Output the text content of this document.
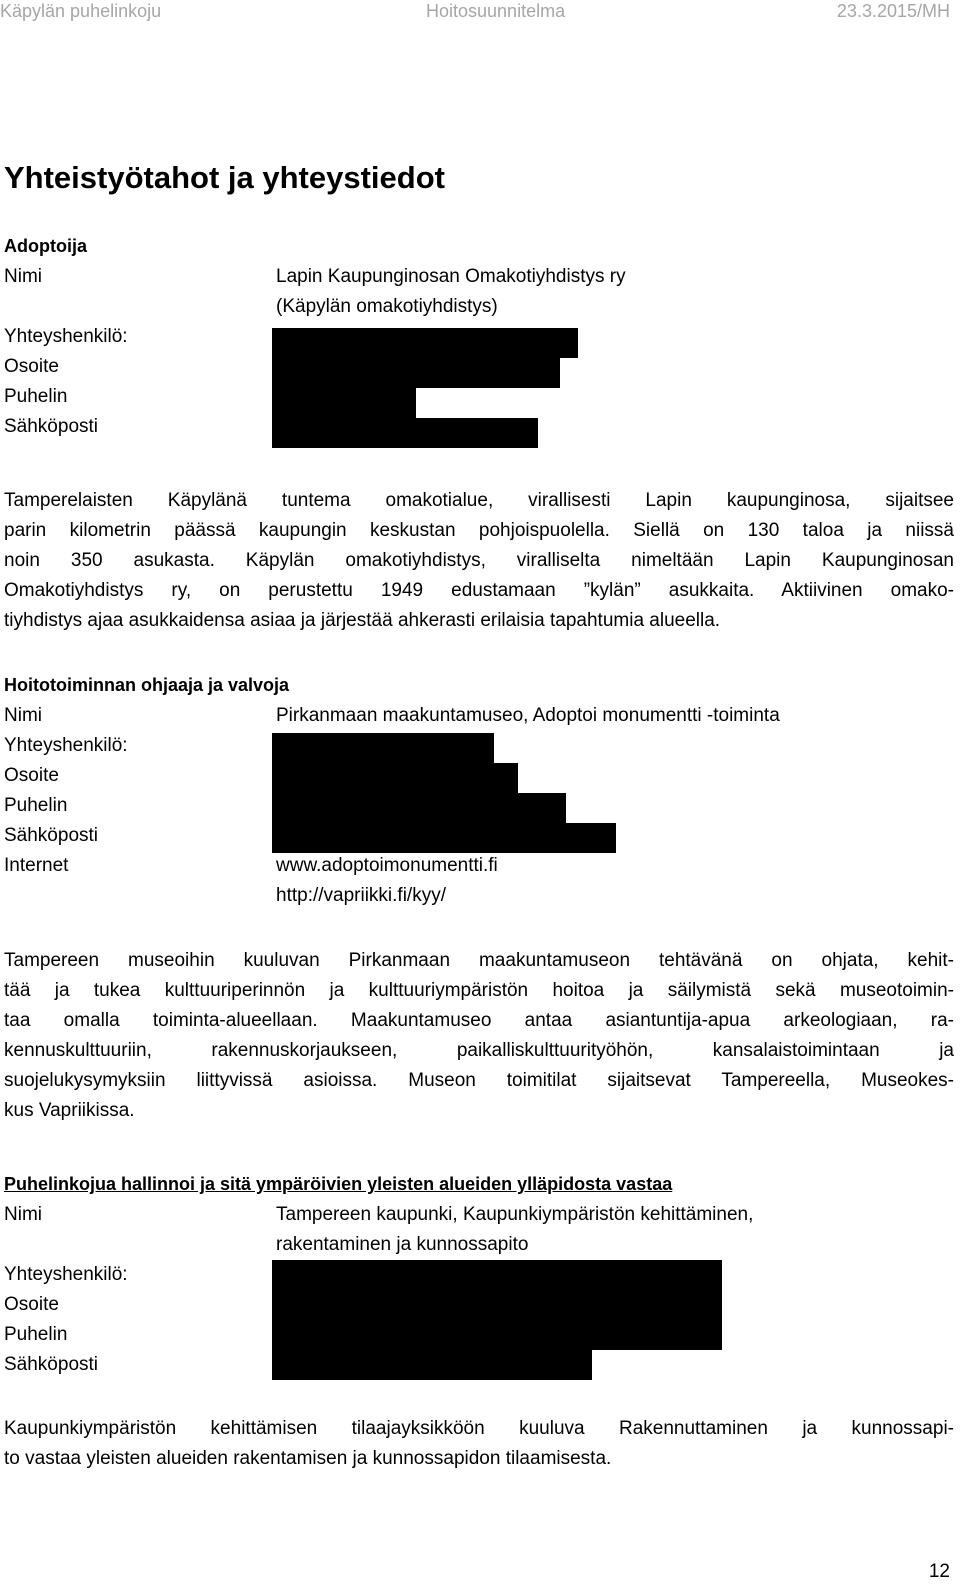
Käpylän puhelinkoju	Hoitosuunnitelma	23.3.2015/MH
Yhteistyötahot ja yhteystiedot
Adoptoija
Nimi	Lapin Kaupunginosan Omakotiyhdistys ry
(Käpylän omakotiyhdistys)
Yhteyshenkilö:
Osoite
Puhelin
Sähköposti
Tamperelaisten Käpylänä tuntema omakotialue, virallisesti Lapin kaupunginosa, sijaitsee
parin kilometrin päässä kaupungin keskustan pohjoispuolella. Siellä on 130 taloa ja niissä
noin 350 asukasta. Käpylän omakotiyhdistys, viralliselta nimeltään Lapin Kaupunginosan
Omakotiyhdistys ry, on perustettu 1949 edustamaan ”kylän” asukkaita. Aktiivinen omako-
tiyhdistys ajaa asukkaidensa asiaa ja järjestää ahkerasti erilaisia tapahtumia alueella.
Hoitotoiminnan ohjaaja ja valvoja
Nimi	Pirkanmaan maakuntamuseo, Adoptoi monumentti -toiminta
Yhteyshenkilö:
Osoite
Puhelin
Sähköposti
Internet	www.adoptoimonumentti.fi
http://vapriikki.fi/kyy/
Tampereen museoihin kuuluvan Pirkanmaan maakuntamuseon tehtävänä on ohjata, kehit-
tää ja tukea kulttuuriperinnön ja kulttuuriympäristön hoitoa ja säilymistä sekä museotoimin-
taa omalla toiminta-alueellaan. Maakuntamuseo antaa asiantuntija-apua arkeologiaan, ra-
kennuskulttuuriin, rakennuskorjaukseen, paikalliskulttuurityöhön, kansalaistoimintaan ja
suojelukysymyksiin liittyvissä asioissa. Museon toimitilat sijaitsevat Tampereella, Museokes-
kus Vapriikissa.
Puhelinkojua hallinnoi ja sitä ympäröivien yleisten alueiden ylläpidosta vastaa
Nimi	Tampereen kaupunki, Kaupunkiympäristön kehittäminen,
rakentaminen ja kunnossapito
Yhteyshenkilö:
Osoite
Puhelin
Sähköposti
Kaupunkiympäristön kehittämisen tilaajayksikköön kuuluva Rakennuttaminen ja kunnossapi-
to vastaa yleisten alueiden rakentamisen ja kunnossapidon tilaamisesta.
12
